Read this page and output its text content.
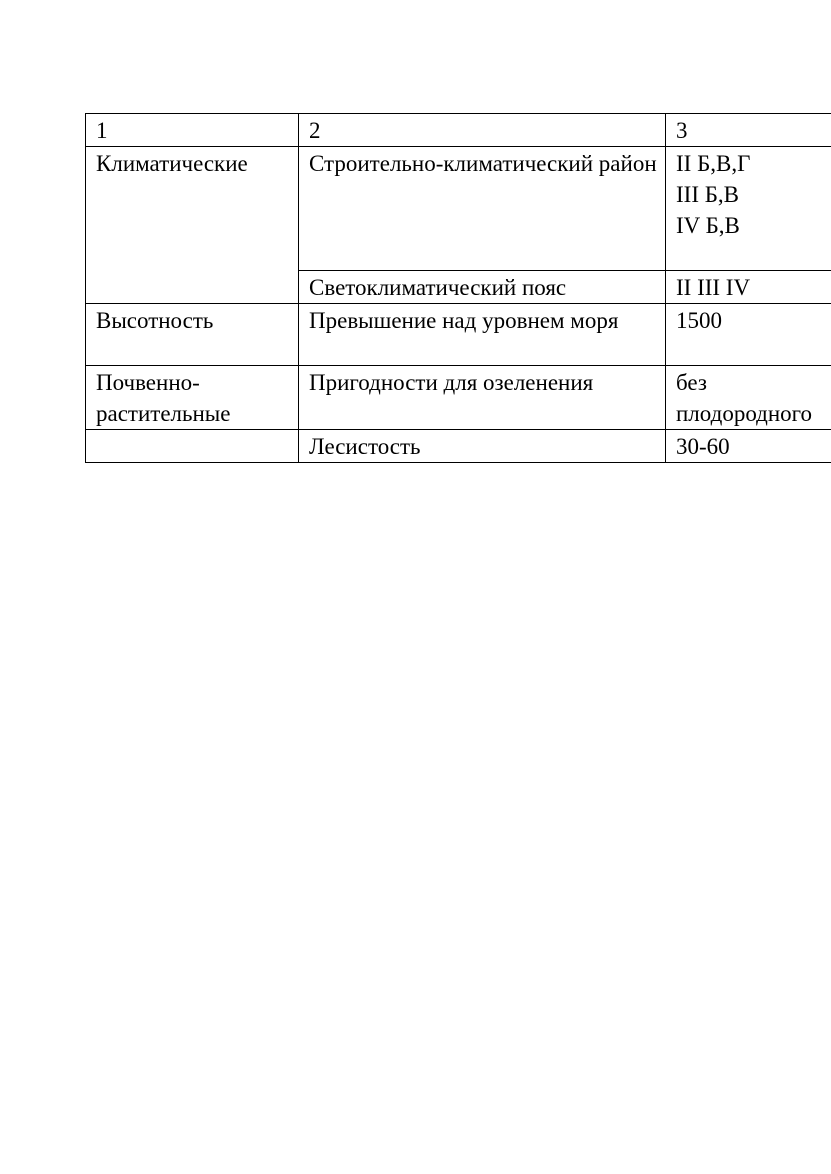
1	2	3
Климатические	Строительно-климатический район	II Б,В,Г
III Б,В
IV Б,В
	Светоклиматический пояс	II III IV
Высотность	Превышение над уровнем моря	1500
Почвенно-
растительные	Пригодности для озеленения	без
плодородного
	Лесистость	30-60
